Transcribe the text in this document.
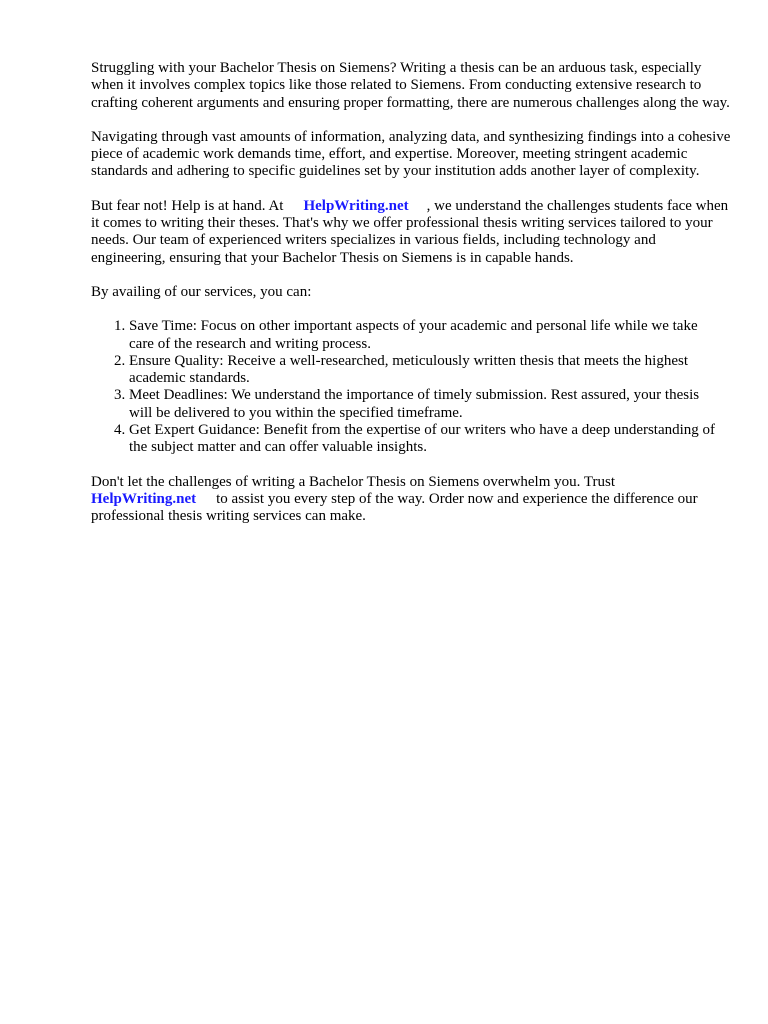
Struggling with your Bachelor Thesis on Siemens? Writing a thesis can be an arduous task, especially when it involves complex topics like those related to Siemens. From conducting extensive research to crafting coherent arguments and ensuring proper formatting, there are numerous challenges along the way.

Navigating through vast amounts of information, analyzing data, and synthesizing findings into a cohesive piece of academic work demands time, effort, and expertise. Moreover, meeting stringent academic standards and adhering to specific guidelines set by your institution adds another layer of complexity.

But fear not! Help is at hand. At HelpWriting.net , we understand the challenges students face when it comes to writing their theses. That's why we offer professional thesis writing services tailored to your needs. Our team of experienced writers specializes in various fields, including technology and engineering, ensuring that your Bachelor Thesis on Siemens is in capable hands.

By availing of our services, you can:

1. Save Time: Focus on other important aspects of your academic and personal life while we take care of the research and writing process.
2. Ensure Quality: Receive a well-researched, meticulously written thesis that meets the highest academic standards.
3. Meet Deadlines: We understand the importance of timely submission. Rest assured, your thesis will be delivered to you within the specified timeframe.
4. Get Expert Guidance: Benefit from the expertise of our writers who have a deep understanding of the subject matter and can offer valuable insights.

Don't let the challenges of writing a Bachelor Thesis on Siemens overwhelm you. Trust
HelpWriting.net to assist you every step of the way. Order now and experience the difference our professional thesis writing services can make.
